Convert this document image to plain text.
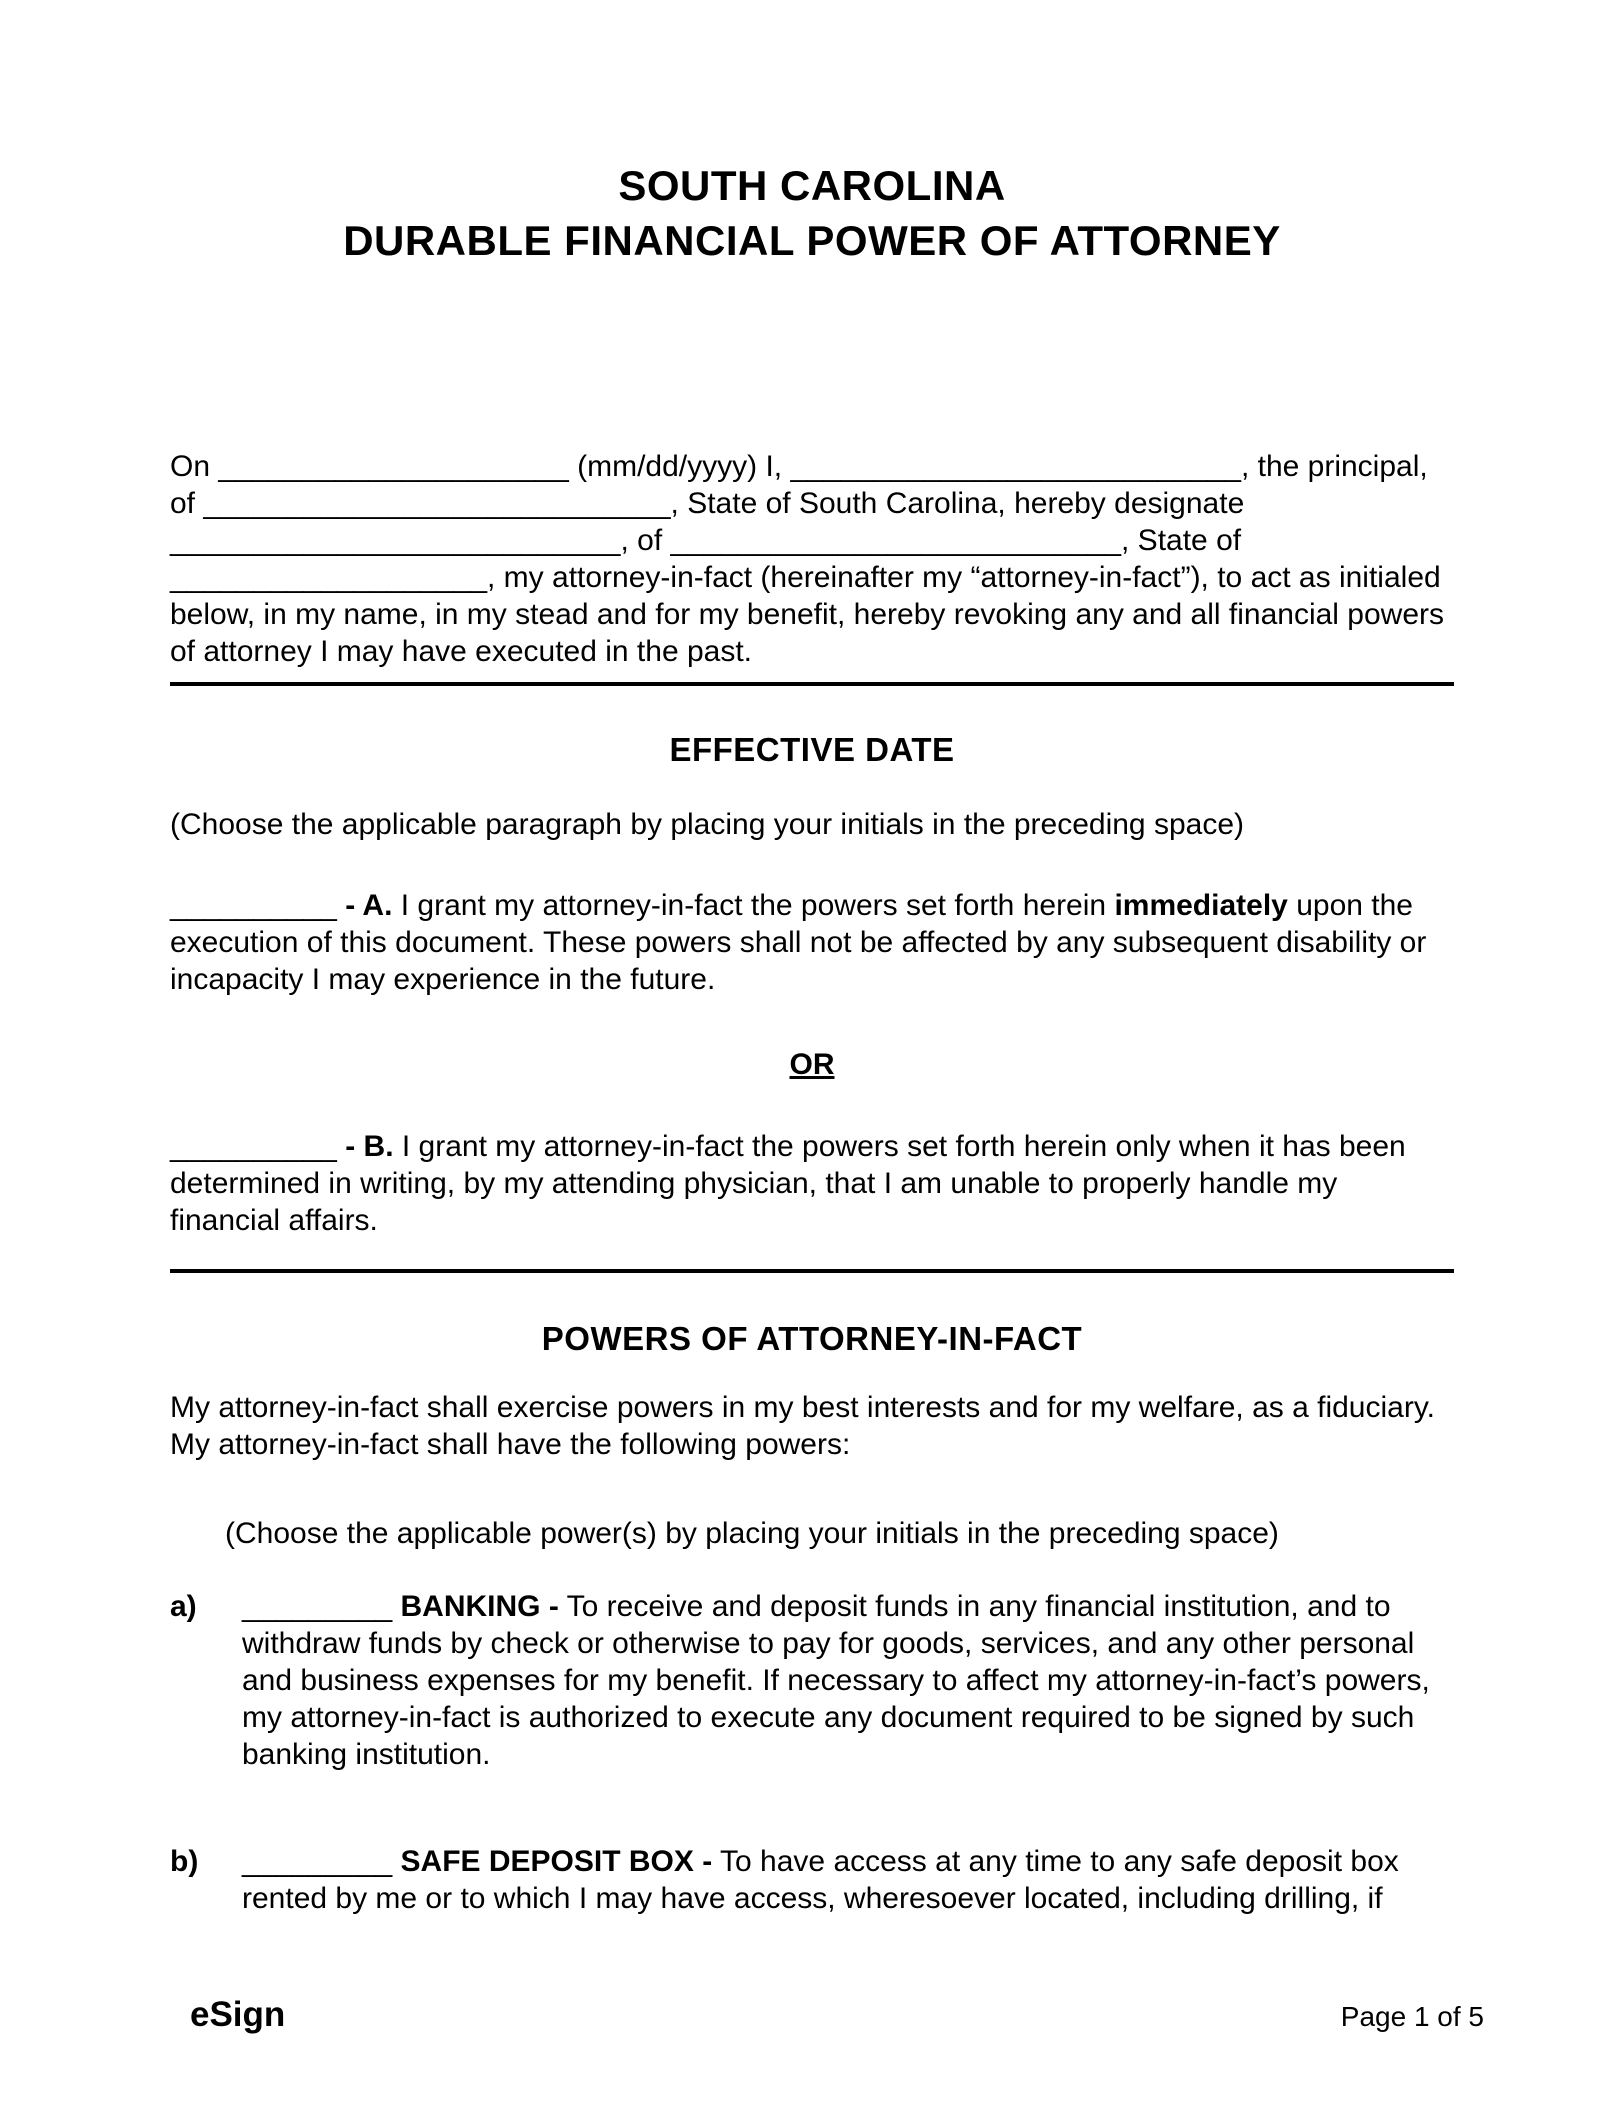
SOUTH CAROLINA
DURABLE FINANCIAL POWER OF ATTORNEY
On _____________________ (mm/dd/yyyy) I, ___________________________, the principal,
of ____________________________, State of South Carolina, hereby designate
___________________________, of ___________________________, State of
___________________, my attorney-in-fact (hereinafter my “attorney-in-fact”), to act as initialed
below, in my name, in my stead and for my benefit, hereby revoking any and all financial powers
of attorney I may have executed in the past.
EFFECTIVE DATE
(Choose the applicable paragraph by placing your initials in the preceding space)
__________ - A. I grant my attorney-in-fact the powers set forth herein immediately upon the
execution of this document. These powers shall not be affected by any subsequent disability or
incapacity I may experience in the future.
OR
__________ - B. I grant my attorney-in-fact the powers set forth herein only when it has been
determined in writing, by my attending physician, that I am unable to properly handle my
financial affairs.
POWERS OF ATTORNEY-IN-FACT
My attorney-in-fact shall exercise powers in my best interests and for my welfare, as a fiduciary.
My attorney-in-fact shall have the following powers:
(Choose the applicable power(s) by placing your initials in the preceding space)
a)	_________ BANKING - To receive and deposit funds in any financial institution, and to
withdraw funds by check or otherwise to pay for goods, services, and any other personal
and business expenses for my benefit. If necessary to affect my attorney-in-fact’s powers,
my attorney-in-fact is authorized to execute any document required to be signed by such
banking institution.
b)	_________ SAFE DEPOSIT BOX - To have access at any time to any safe deposit box
rented by me or to which I may have access, wheresoever located, including drilling, if
eSign	Page 1 of 5
